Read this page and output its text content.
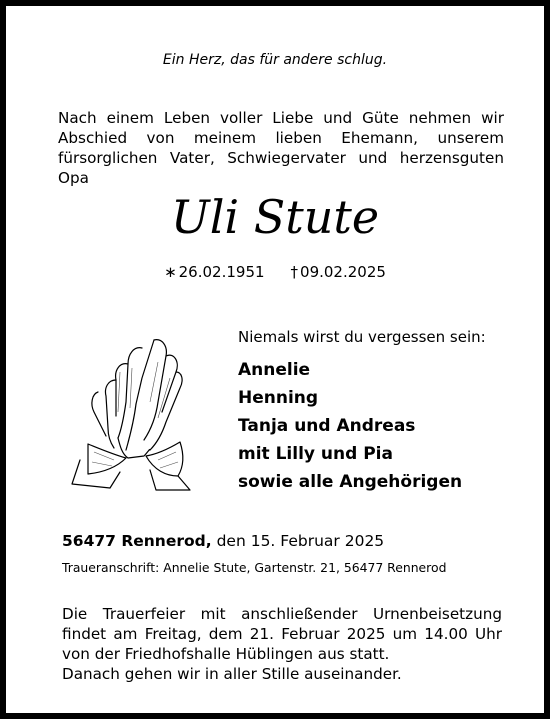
Ein Herz, das für andere schlug.
Nach einem Leben voller Liebe und Güte nehmen wir Abschied von meinem lieben Ehemann, unserem fürsorglichen Vater, Schwiegervater und herzensguten Opa
Uli Stute
∗ 26.02.1951 † 09.02.2025
Niemals wirst du vergessen sein:
Annelie
Henning
Tanja und Andreas
mit Lilly und Pia
sowie alle Angehörigen
56477 Rennerod, den 15. Februar 2025
Traueranschrift: Annelie Stute, Gartenstr. 21, 56477 Rennerod
Die Trauerfeier mit anschließender Urnenbeisetzung
findet am Freitag, dem 21. Februar 2025 um 14.00 Uhr
von der Friedhofshalle Hüblingen aus statt.
Danach gehen wir in aller Stille auseinander.
